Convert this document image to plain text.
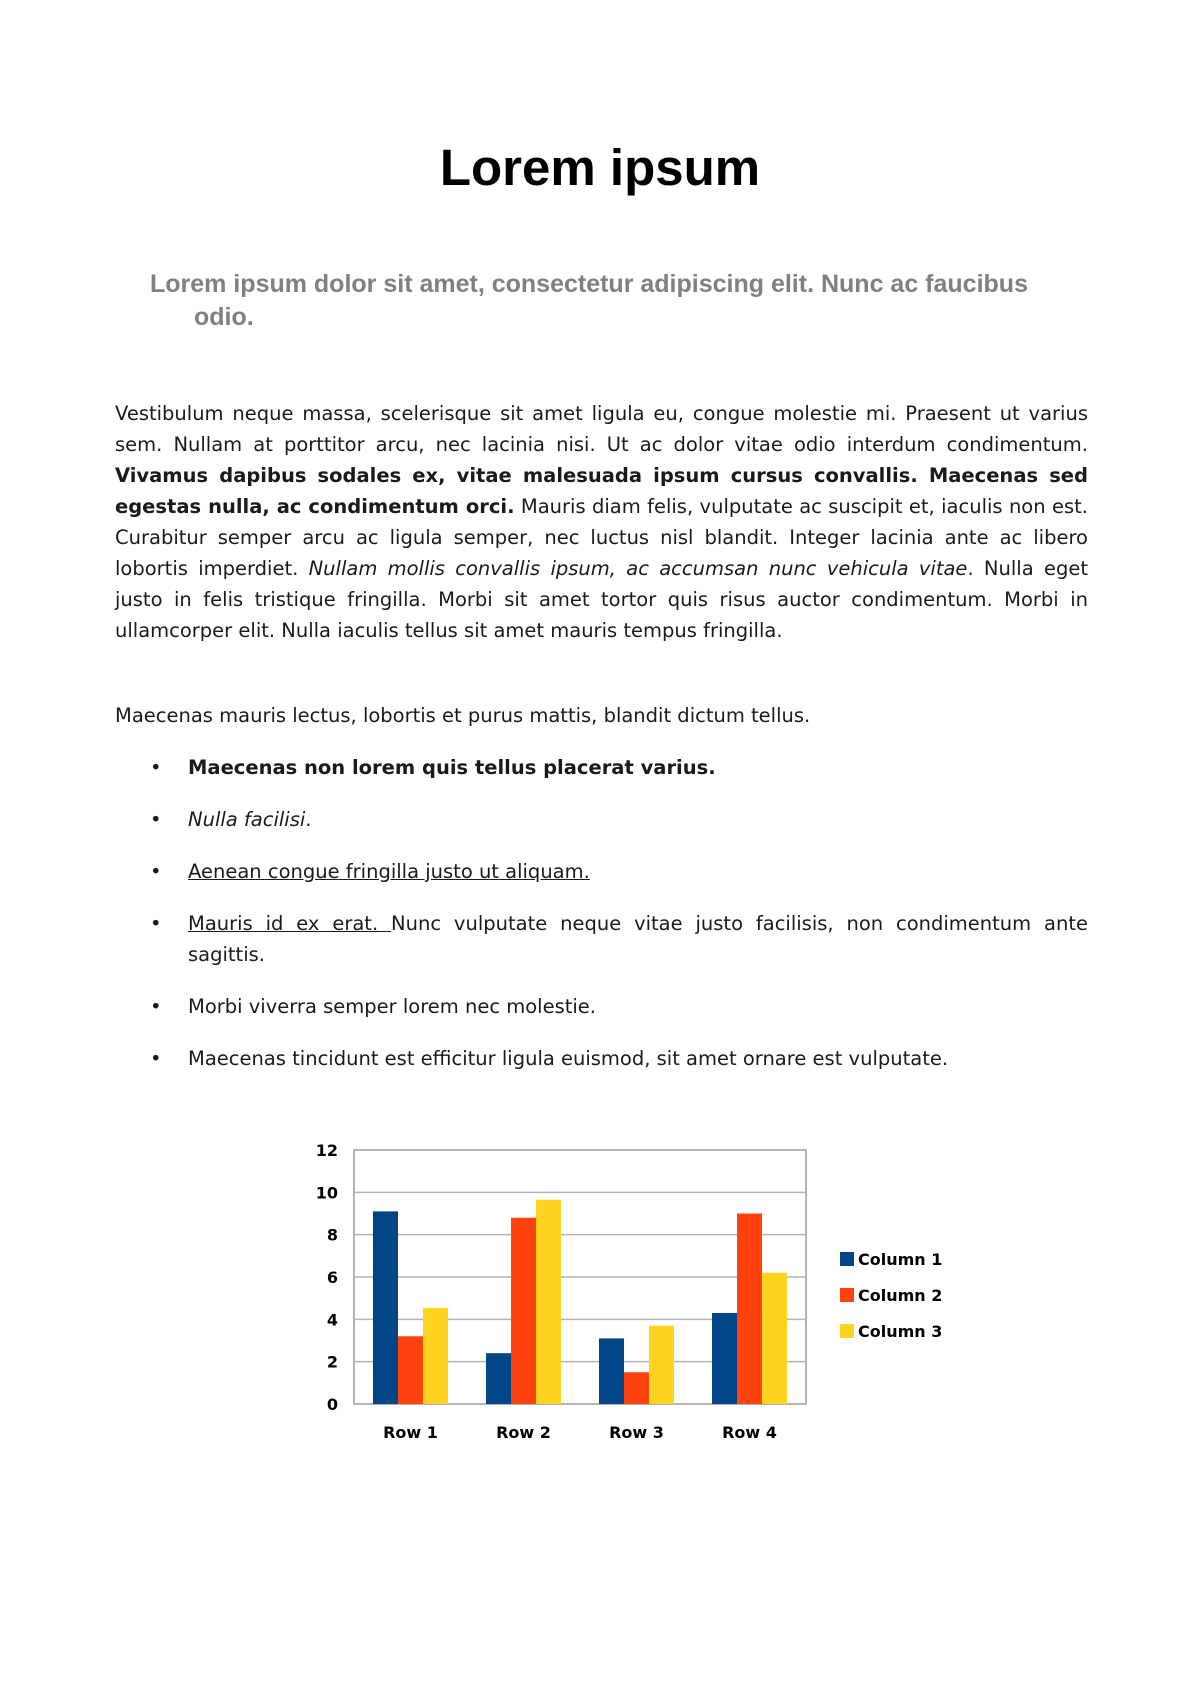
Lorem ipsum

Lorem ipsum dolor sit amet, consectetur adipiscing elit. Nunc ac faucibus odio.

Vestibulum neque massa, scelerisque sit amet ligula eu, congue molestie mi. Praesent ut varius sem. Nullam at porttitor arcu, nec lacinia nisi. Ut ac dolor vitae odio interdum condimentum. Vivamus dapibus sodales ex, vitae malesuada ipsum cursus convallis. Maecenas sed egestas nulla, ac condimentum orci. Mauris diam felis, vulputate ac suscipit et, iaculis non est. Curabitur semper arcu ac ligula semper, nec luctus nisl blandit. Integer lacinia ante ac libero lobortis imperdiet. Nullam mollis convallis ipsum, ac accumsan nunc vehicula vitae. Nulla eget justo in felis tristique fringilla. Morbi sit amet tortor quis risus auctor condimentum. Morbi in ullamcorper elit. Nulla iaculis tellus sit amet mauris tempus fringilla.

Maecenas mauris lectus, lobortis et purus mattis, blandit dictum tellus.

• Maecenas non lorem quis tellus placerat varius.
• Nulla facilisi.
• Aenean congue fringilla justo ut aliquam.
• Mauris id ex erat. Nunc vulputate neque vitae justo facilisis, non condimentum ante sagittis.
• Morbi viverra semper lorem nec molestie.
• Maecenas tincidunt est efficitur ligula euismod, sit amet ornare est vulputate.
0
2
4
6
8
10
12
Row 1	Row 2	Row 3	Row 4
Column 1
Column 2
Column 3
